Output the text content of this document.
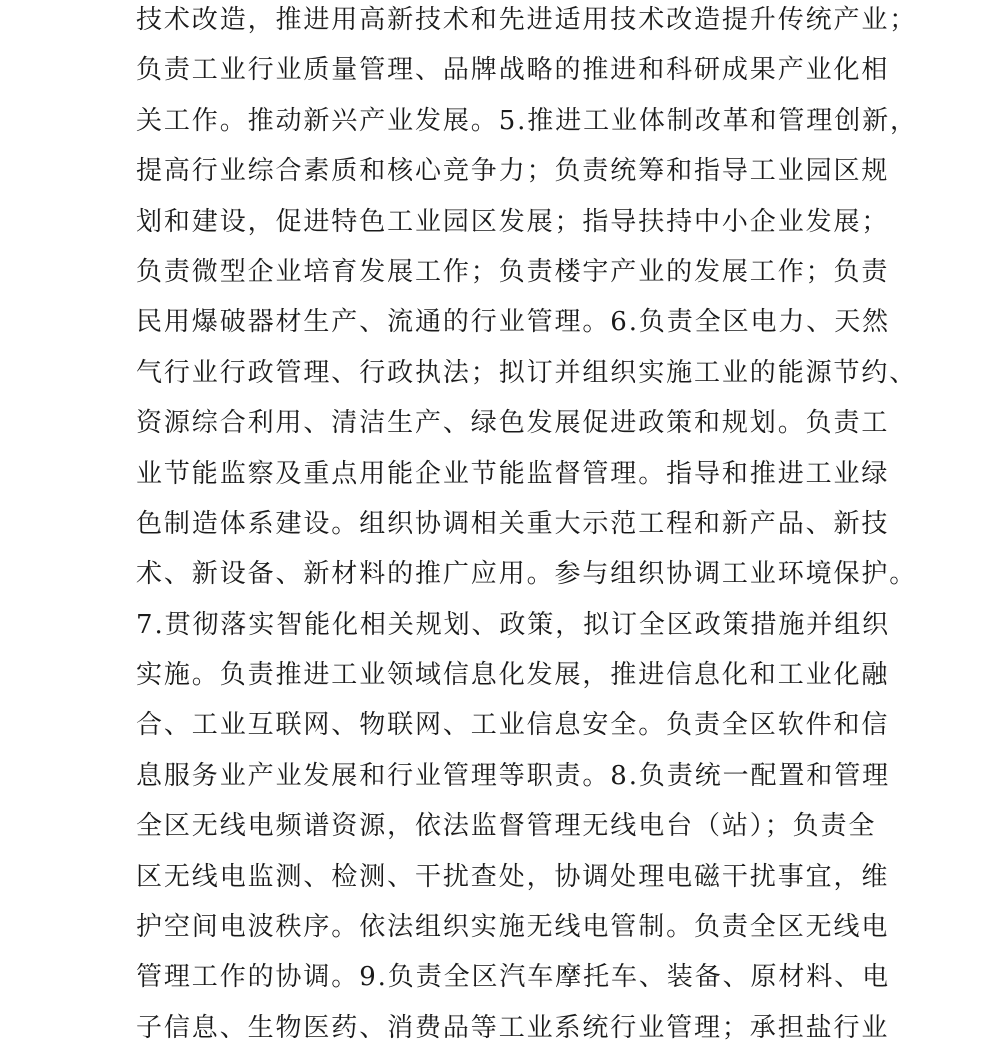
技术改造，推进用高新技术和先进适用技术改造提升传统产业；
负责工业行业质量管理、品牌战略的推进和科研成果产业化相
关工作。推动新兴产业发展。5.推进工业体制改革和管理创新，
提高行业综合素质和核心竞争力；负责统筹和指导工业园区规
划和建设，促进特色工业园区发展；指导扶持中小企业发展；
负责微型企业培育发展工作；负责楼宇产业的发展工作；负责
民用爆破器材生产、流通的行业管理。6.负责全区电力、天然
气行业行政管理、行政执法；拟订并组织实施工业的能源节约、
资源综合利用、清洁生产、绿色发展促进政策和规划。负责工
业节能监察及重点用能企业节能监督管理。指导和推进工业绿
色制造体系建设。组织协调相关重大示范工程和新产品、新技
术、新设备、新材料的推广应用。参与组织协调工业环境保护。
7.贯彻落实智能化相关规划、政策，拟订全区政策措施并组织
实施。负责推进工业领域信息化发展，推进信息化和工业化融
合、工业互联网、物联网、工业信息安全。负责全区软件和信
息服务业产业发展和行业管理等职责。8.负责统一配置和管理
全区无线电频谱资源，依法监督管理无线电台（站）；负责全
区无线电监测、检测、干扰查处，协调处理电磁干扰事宜，维
护空间电波秩序。依法组织实施无线电管制。负责全区无线电
管理工作的协调。9.负责全区汽车摩托车、装备、原材料、电
子信息、生物医药、消费品等工业系统行业管理；承担盐行业
